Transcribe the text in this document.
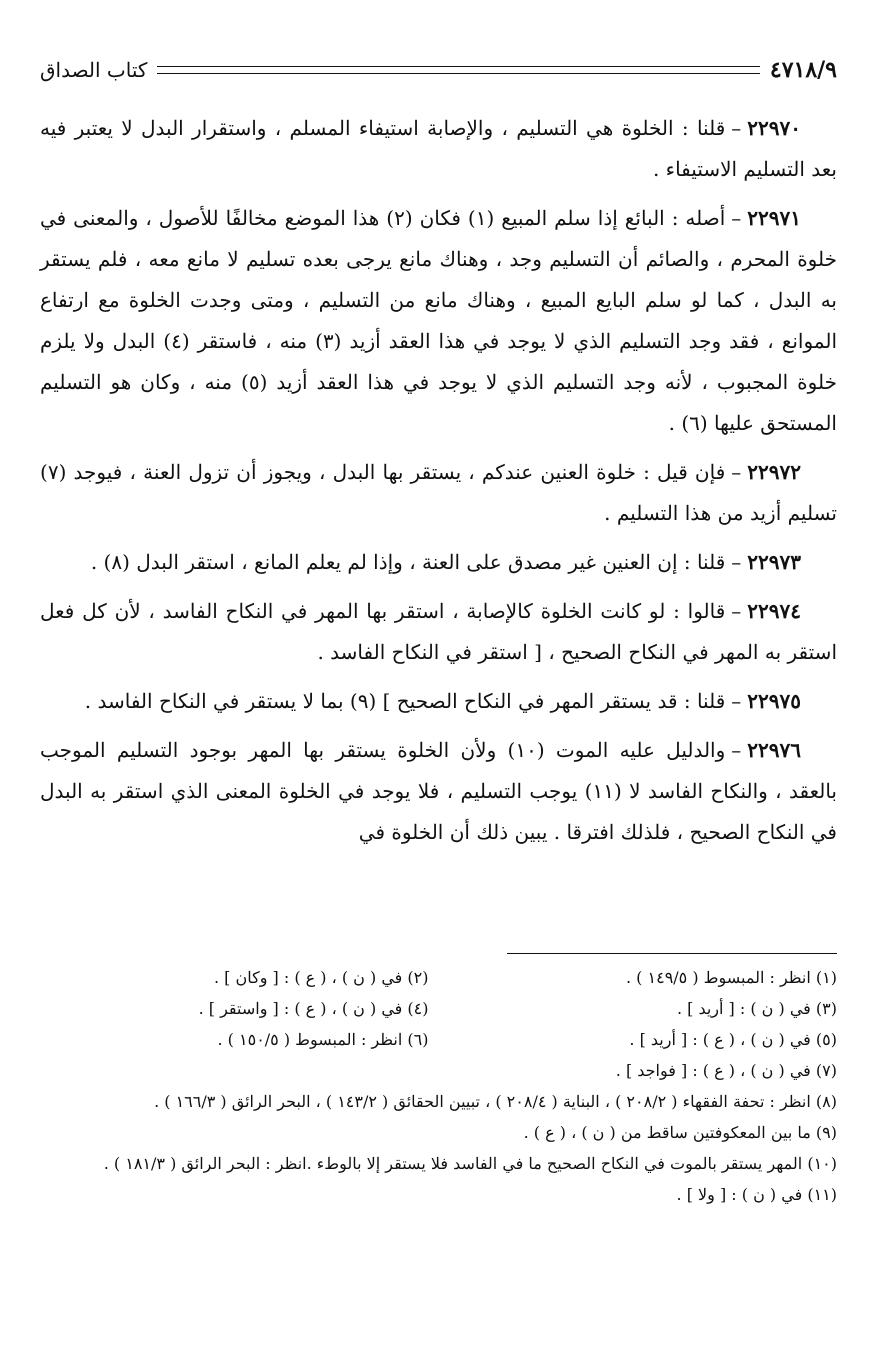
٤٧١٨/٩
كتاب الصداق

٢٢٩٧٠–قلنا : الخلوة هي التسليم ، والإصابة استيفاء المسلم ، واستقرار البدل لا يعتبر فيه بعد التسليم الاستيفاء .

٢٢٩٧١–أصله : البائع إذا سلم المبيع (١) فكان (٢) هذا الموضع مخالفًا للأصول ، والمعنى في خلوة المحرم ، والصائم أن التسليم وجد ، وهناك مانع يرجى بعده تسليم لا مانع معه ، فلم يستقر به البدل ، كما لو سلم البايع المبيع ، وهناك مانع من التسليم ، ومتى وجدت الخلوة مع ارتفاع الموانع ، فقد وجد التسليم الذي لا يوجد في هذا العقد أزيد (٣) منه ، فاستقر (٤) البدل ولا يلزم خلوة المجبوب ، لأنه وجد التسليم الذي لا يوجد في هذا العقد أزيد (٥) منه ، وكان هو التسليم المستحق عليها (٦) .

٢٢٩٧٢–فإن قيل : خلوة العنين عندكم ، يستقر بها البدل ، ويجوز أن تزول العنة ، فيوجد (٧) تسليم أزيد من هذا التسليم .

٢٢٩٧٣–قلنا : إن العنين غير مصدق على العنة ، وإذا لم يعلم المانع ، استقر البدل (٨) .

٢٢٩٧٤–قالوا : لو كانت الخلوة كالإصابة ، استقر بها المهر في النكاح الفاسد ، لأن كل فعل استقر به المهر في النكاح الصحيح ، [ استقر في النكاح الفاسد .

٢٢٩٧٥–قلنا : قد يستقر المهر في النكاح الصحيح ] (٩) بما لا يستقر في النكاح الفاسد .

٢٢٩٧٦–والدليل عليه الموت (١٠) ولأن الخلوة يستقر بها المهر بوجود التسليم الموجب بالعقد ، والنكاح الفاسد لا (١١) يوجب التسليم ، فلا يوجد في الخلوة المعنى الذي استقر به البدل في النكاح الصحيح ، فلذلك افترقا . يبين ذلك أن الخلوة في

(١) انظر : المبسوط ( ١٤٩/٥ ) .
(٢) في ( ن ) ، ( ع ) : [ وكان ] .
(٣) في ( ن ) : [ أريد ] .
(٤) في ( ن ) ، ( ع ) : [ واستقر ] .
(٥) في ( ن ) ، ( ع ) : [ أريد ] .
(٦) انظر : المبسوط ( ١٥٠/٥ ) .
(٧) في ( ن ) ، ( ع ) : [ فواجد ] .
(٨) انظر : تحفة الفقهاء ( ٢٠٨/٢ ) ، البناية ( ٢٠٨/٤ ) ، تبيين الحقائق ( ١٤٣/٢ ) ، البحر الرائق ( ١٦٦/٣ ) .
(٩) ما بين المعكوفتين ساقط من ( ن ) ، ( ع ) .
(١٠) المهر يستقر بالموت في النكاح الصحيح ما في الفاسد فلا يستقر إلا بالوطء .انظر : البحر الرائق ( ١٨١/٣ ) .
(١١) في ( ن ) : [ ولا ] .
